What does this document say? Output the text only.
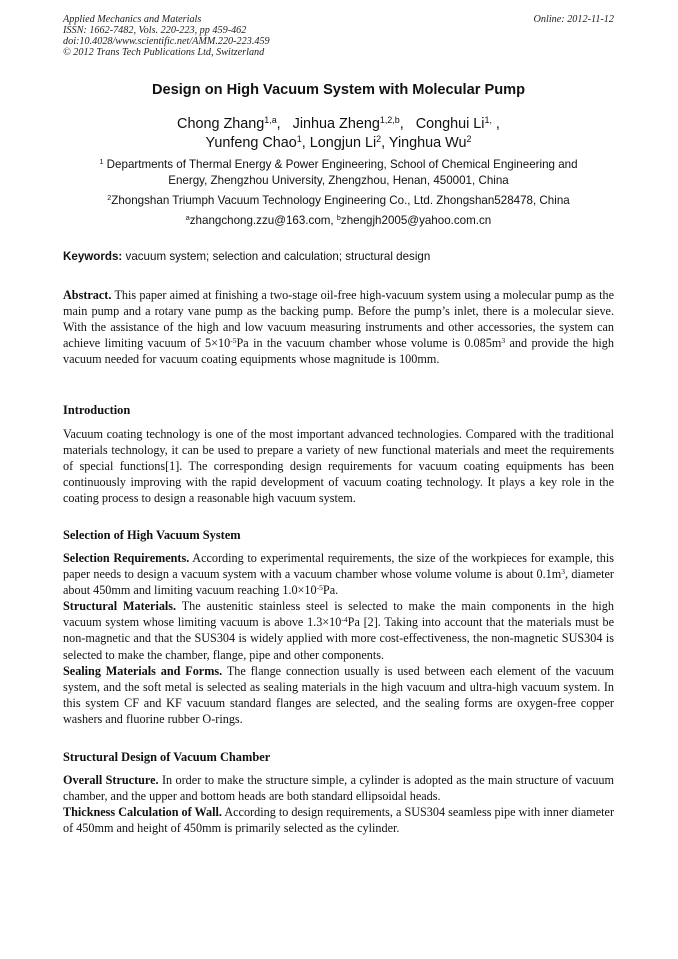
Applied Mechanics and Materials
ISSN: 1662-7482, Vols. 220-223, pp 459-462
doi:10.4028/www.scientific.net/AMM.220-223.459
© 2012 Trans Tech Publications Ltd, Switzerland
Online: 2012-11-12
Design on High Vacuum System with Molecular Pump
Chong Zhang$^{1,a}$,   Jinhua Zheng$^{1,2,b}$,   Conghui $Li^{1,}$ ,
Yunfeng Chao$^1$, Longjun Li$^2$, Yinghua Wu$^2$
$^1$ Departments of Thermal Energy & Power Engineering, School of Chemical Engineering and
Energy, Zhengzhou University, Zhengzhou, Henan, 450001, China
$^2$Zhongshan Triumph Vacuum Technology Engineering Co., Ltd. Zhongshan528478, China
$^a$zhangchong.zzu@163.com, $^b$zhengjh2005@yahoo.com.cn
Keywords: vacuum system; selection and calculation; structural design
Abstract. This paper aimed at finishing a two-stage oil-free high-vacuum system using a molecular pump as the main pump and a rotary vane pump as the backing pump. Before the pump’s inlet, there is a molecular sieve. With the assistance of the high and low vacuum measuring instruments and other accessories, the system can achieve limiting vacuum of $5\times 10^{-5}Pa$ in the vacuum chamber whose volume is $0.085m^3$ and provide the high vacuum needed for vacuum coating equipments whose magnitude is 100mm.
Introduction
Vacuum coating technology is one of the most important advanced technologies. Compared with the traditional materials technology, it can be used to prepare a variety of new functional materials and meet the requirements of special functions[1]. The corresponding design requirements for vacuum coating equipments has been continuously improving with the rapid development of vacuum coating technology. It plays a key role in the coating process to design a reasonable high vacuum system.
Selection of High Vacuum System
Selection Requirements. According to experimental requirements, the size of the workpieces for example, this paper needs to design a vacuum system with a vacuum chamber whose volume volume is about $0.1m^3$, diameter about 450mm and limiting vacuum reaching $1.0\times 10^{-5}Pa$.
Structural Materials. The austenitic stainless steel is selected to make the main components in the high vacuum system whose limiting vacuum is above $1.3\times 10^{-4}Pa$ [2]. Taking into account that the materials must be non-magnetic and that the SUS304 is widely applied with more cost-effectiveness, the non-magnetic SUS304 is selected to make the chamber, flange, pipe and other components.
Sealing Materials and Forms. The flange connection usually is used between each element of the vacuum system, and the soft metal is selected as sealing materials in the high vacuum and ultra-high vacuum system. In this system CF and KF vacuum standard flanges are selected, and the sealing forms are oxygen-free copper washers and fluorine rubber O-rings.
Structural Design of Vacuum Chamber
Overall Structure. In order to make the structure simple, a cylinder is adopted as the main structure of vacuum chamber, and the upper and bottom heads are both standard ellipsoidal heads.
Thickness Calculation of Wall. According to design requirements, a SUS304 seamless pipe with inner diameter of 450mm and height of 450mm is primarily selected as the cylinder.
